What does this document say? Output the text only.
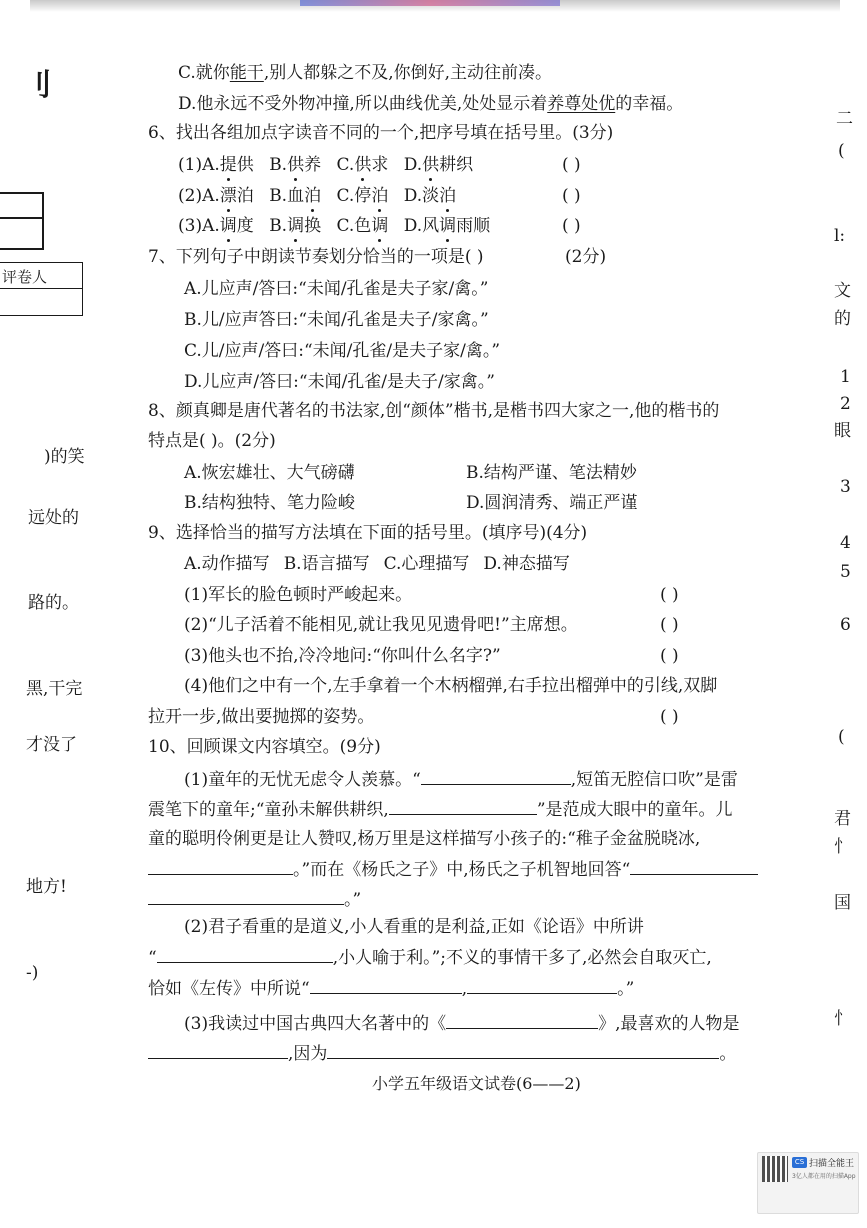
刂
评卷人
)的笑
远处的
路的。
黑,干完
才没了
地方!
-)
二
(
l:
文
的
1
2
眼
3
4
5
6
(
君
忄
国
忄
C.就你能干,别人都躲之不及,你倒好,主动往前凑。
D.他永远不受外物冲撞,所以曲线优美,处处显示着养尊处优的幸福。
6、找出各组加点字读音不同的一个,把序号填在括号里。(3分)
(1)A.提供 B.供养 C.供求 D.供耕织	( )
(2)A.漂泊 B.血泊 C.停泊 D.淡泊	( )
(3)A.调度 B.调换 C.色调 D.风调雨顺	( )
7、下列句子中朗读节奏划分恰当的一项是( )	(2分)
A.儿应声/答曰:“未闻/孔雀是夫子家/禽。”
B.儿/应声答曰:“未闻/孔雀是夫子/家禽。”
C.儿/应声/答曰:“未闻/孔雀/是夫子家/禽。”
D.儿应声/答曰:“未闻/孔雀/是夫子/家禽。”
8、颜真卿是唐代著名的书法家,创“颜体”楷书,是楷书四大家之一,他的楷书的
特点是( )。(2分)
A.恢宏雄壮、大气磅礴	B.结构严谨、笔法精妙
B.结构独特、笔力险峻	D.圆润清秀、端正严谨
9、选择恰当的描写方法填在下面的括号里。(填序号)(4分)
A.动作描写 B.语言描写 C.心理描写 D.神态描写
(1)军长的脸色顿时严峻起来。	( )
(2)“儿子活着不能相见,就让我见见遗骨吧!”主席想。	( )
(3)他头也不抬,冷冷地问:“你叫什么名字?”	( )
(4)他们之中有一个,左手拿着一个木柄榴弹,右手拉出榴弹中的引线,双脚
拉开一步,做出要抛掷的姿势。	( )
10、回顾课文内容填空。(9分)
(1)童年的无忧无虑令人羡慕。“	,短笛无腔信口吹”是雷
震笔下的童年;“童孙未解供耕织,	”是范成大眼中的童年。儿
童的聪明伶俐更是让人赞叹,杨万里是这样描写小孩子的:“稚子金盆脱晓冰,
。”而在《杨氏之子》中,杨氏之子机智地回答“
。”
(2)君子看重的是道义,小人看重的是利益,正如《论语》中所讲
“	,小人喻于利。”;不义的事情干多了,必然会自取灭亡,
恰如《左传》中所说“	,	。”
(3)我读过中国古典四大名著中的《	》,最喜欢的人物是
,因为	。
小学五年级语文试卷(6——2)
CS 扫描全能王
3亿人都在用的扫描App
